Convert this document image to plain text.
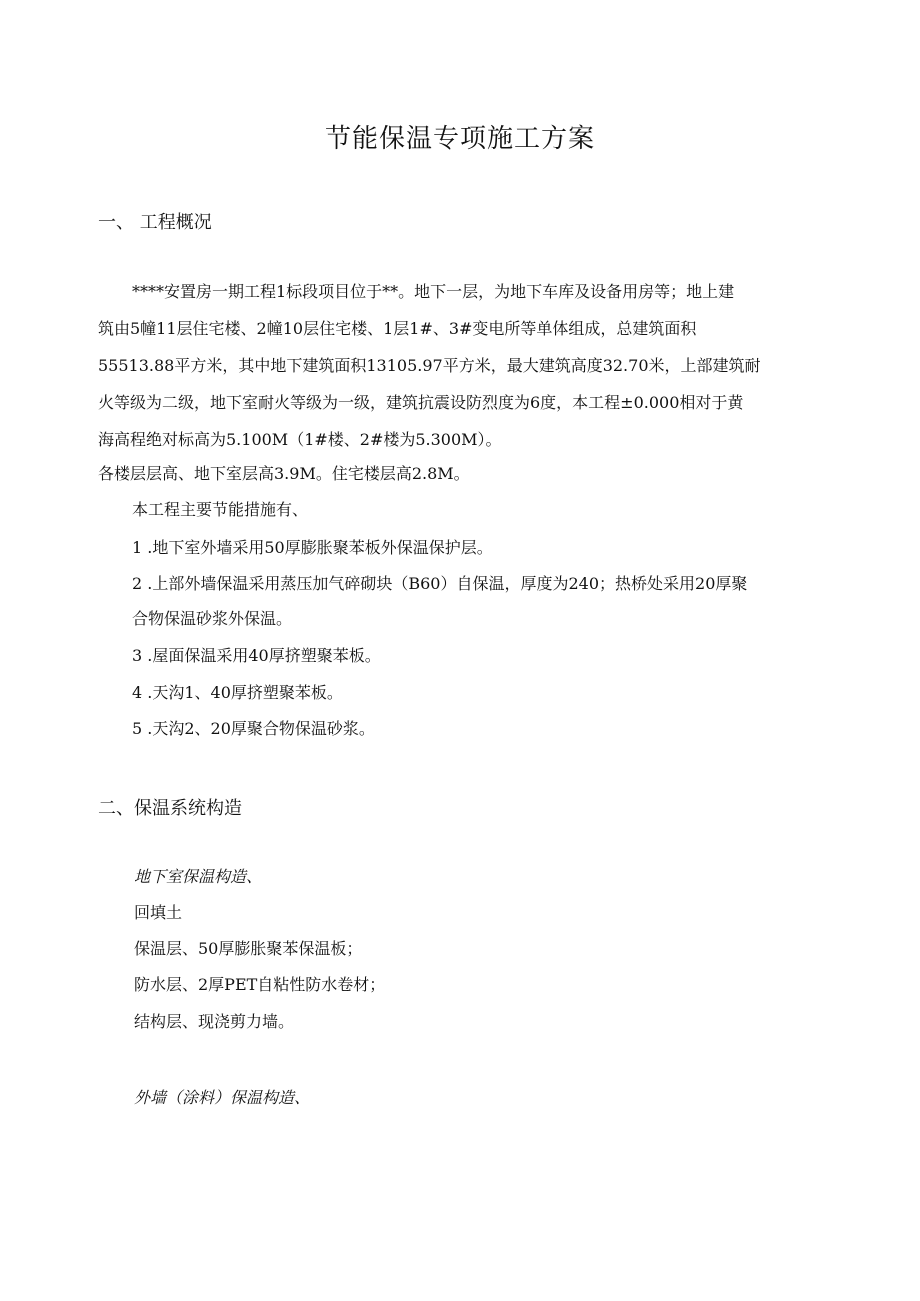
节能保温专项施工方案
一、 工程概况
****安置房一期工程1标段项目位于**。地下一层，为地下车库及设备用房等；地上建
筑由5幢11层住宅楼、2幢10层住宅楼、1层1#、3#变电所等单体组成，总建筑面积
55513.88平方米，其中地下建筑面积13105.97平方米，最大建筑高度32.70米，上部建筑耐
火等级为二级，地下室耐火等级为一级，建筑抗震设防烈度为6度，本工程±0.000相对于黄
海高程绝对标高为5.100M（1#楼、2#楼为5.300M）。
各楼层层高、地下室层高3.9M。住宅楼层高2.8M。
本工程主要节能措施有、
1 .地下室外墙采用50厚膨胀聚苯板外保温保护层。
2 .上部外墙保温采用蒸压加气碎砌块（B60）自保温，厚度为240；热桥处采用20厚聚
合物保温砂浆外保温。
3 .屋面保温采用40厚挤塑聚苯板。
4 .天沟1、40厚挤塑聚苯板。
5 .天沟2、20厚聚合物保温砂浆。
二、保温系统构造
地下室保温构造、
回填土
保温层、50厚膨胀聚苯保温板；
防水层、2厚PET自粘性防水卷材；
结构层、现浇剪力墙。
外墙（涂料）保温构造、
